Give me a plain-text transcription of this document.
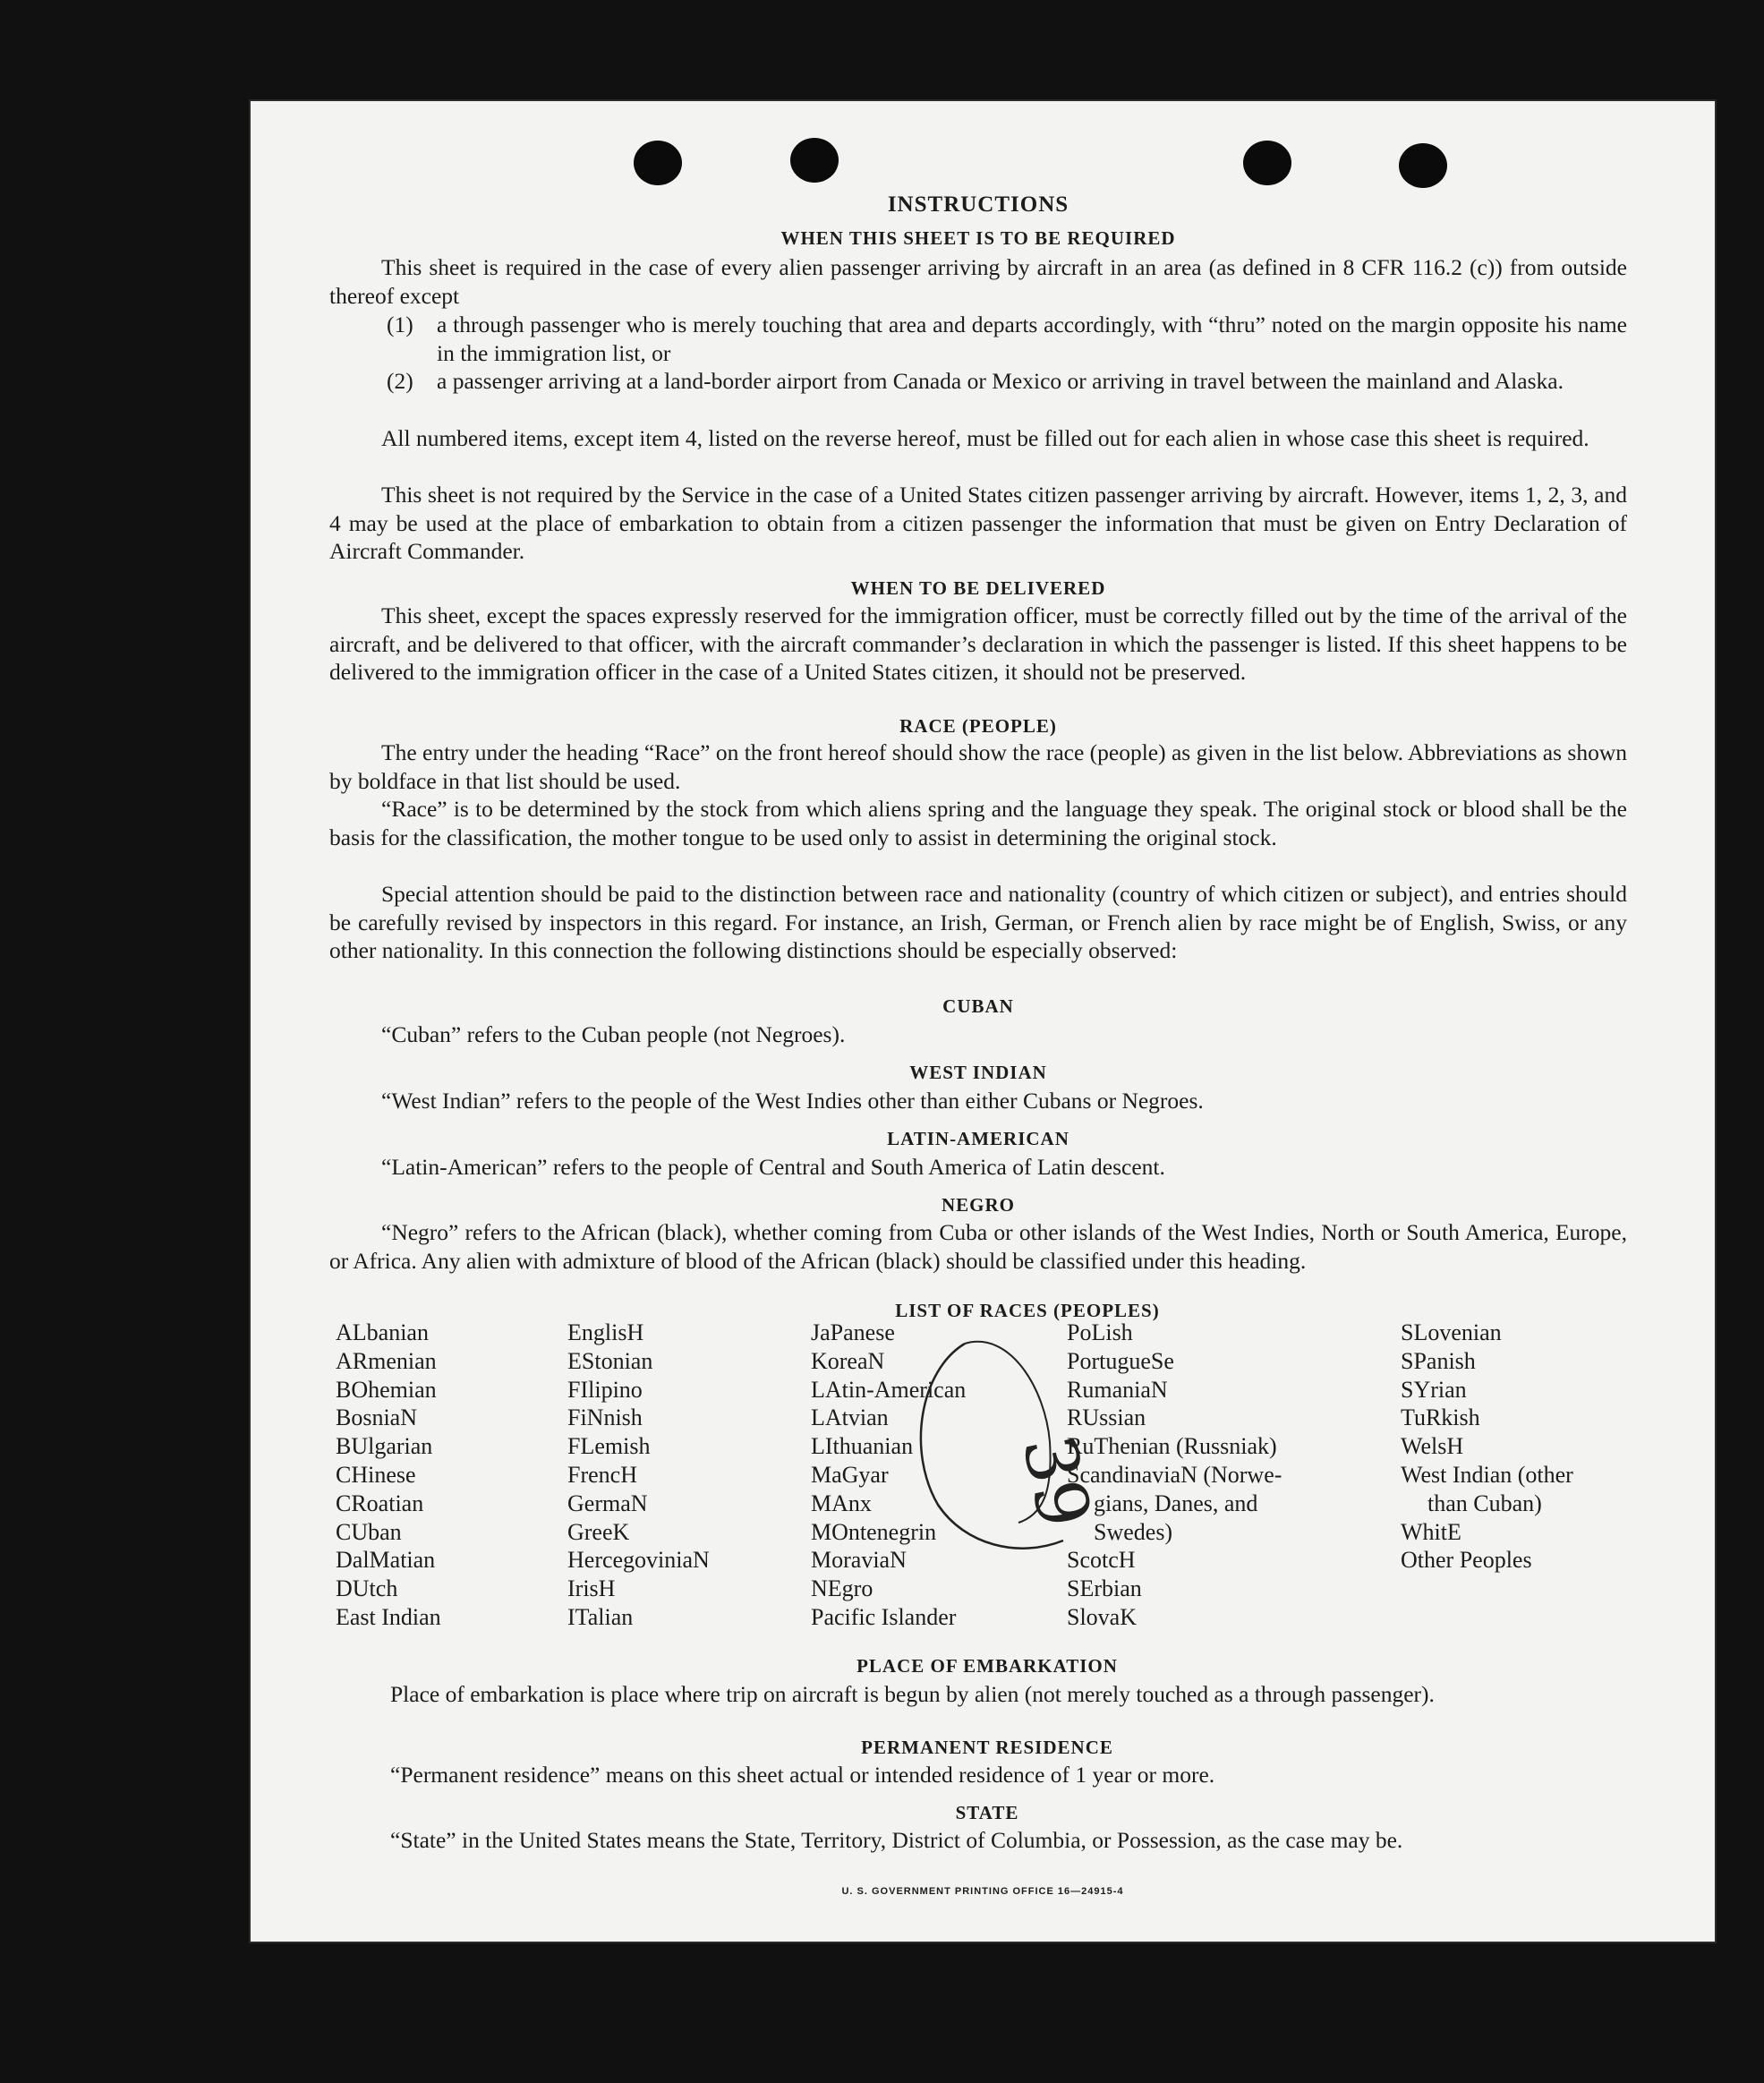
INSTRUCTIONS
WHEN THIS SHEET IS TO BE REQUIRED

This sheet is required in the case of every alien passenger arriving by aircraft in an area (as defined in 8 CFR 116.2 (c)) from outside thereof except

(1) a through passenger who is merely touching that area and departs accordingly, with “thru” noted on the margin opposite his name in the immigration list, or
(2) a passenger arriving at a land-border airport from Canada or Mexico or arriving in travel between the mainland and Alaska.

All numbered items, except item 4, listed on the reverse hereof, must be filled out for each alien in whose case this sheet is required.

This sheet is not required by the Service in the case of a United States citizen passenger arriving by aircraft. However, items 1, 2, 3, and 4 may be used at the place of embarkation to obtain from a citizen passenger the information that must be given on Entry Declaration of Aircraft Commander.

WHEN TO BE DELIVERED

This sheet, except the spaces expressly reserved for the immigration officer, must be correctly filled out by the time of the arrival of the aircraft, and be delivered to that officer, with the aircraft commander’s declaration in which the passenger is listed. If this sheet happens to be delivered to the immigration officer in the case of a United States citizen, it should not be preserved.

RACE (PEOPLE)

The entry under the heading “Race” on the front hereof should show the race (people) as given in the list below. Abbreviations as shown by boldface in that list should be used.

“Race” is to be determined by the stock from which aliens spring and the language they speak. The original stock or blood shall be the basis for the classification, the mother tongue to be used only to assist in determining the original stock.

Special attention should be paid to the distinction between race and nationality (country of which citizen or subject), and entries should be carefully revised by inspectors in this regard. For instance, an Irish, German, or French alien by race might be of English, Swiss, or any other nationality. In this connection the following distinctions should be especially observed:

CUBAN

“Cuban” refers to the Cuban people (not Negroes).

WEST INDIAN

“West Indian” refers to the people of the West Indies other than either Cubans or Negroes.

LATIN-AMERICAN

“Latin-American” refers to the people of Central and South America of Latin descent.

NEGRO

“Negro” refers to the African (black), whether coming from Cuba or other islands of the West Indies, North or South America, Europe, or Africa. Any alien with admixture of blood of the African (black) should be classified under this heading.

LIST OF RACES (PEOPLES)
ALbanian
ARmenian
BOhemian
BosniaN
BUlgarian
CHinese
CRoatian
CUban
DalMatian
DUtch
East Indian
EnglisH
EStonian
FIlipino
FiNnish
FLemish
FrencH
GermaN
GreeK
HercegoviniaN
IrisH
ITalian
JaPanese
KoreaN
LAtin-American
LAtvian
LIthuanian
MaGyar
MAnx
MOntenegrin
MoraviaN
NEgro
Pacific Islander
PoLish
PortugueSe
RumaniaN
RUssian
RuThenian (Russniak)
ScandinaviaN (Norwe-
gians, Danes, and
Swedes)
ScotcH
SErbian
SlovaK
SLovenian
SPanish
SYrian
TuRkish
WelsH
West Indian (other
than Cuban)
WhitE
Other Peoples
39
PLACE OF EMBARKATION

Place of embarkation is place where trip on aircraft is begun by alien (not merely touched as a through passenger).

PERMANENT RESIDENCE

“Permanent residence” means on this sheet actual or intended residence of 1 year or more.

STATE

“State” in the United States means the State, Territory, District of Columbia, or Possession, as the case may be.

U. S. GOVERNMENT PRINTING OFFICE 16—24915-4
